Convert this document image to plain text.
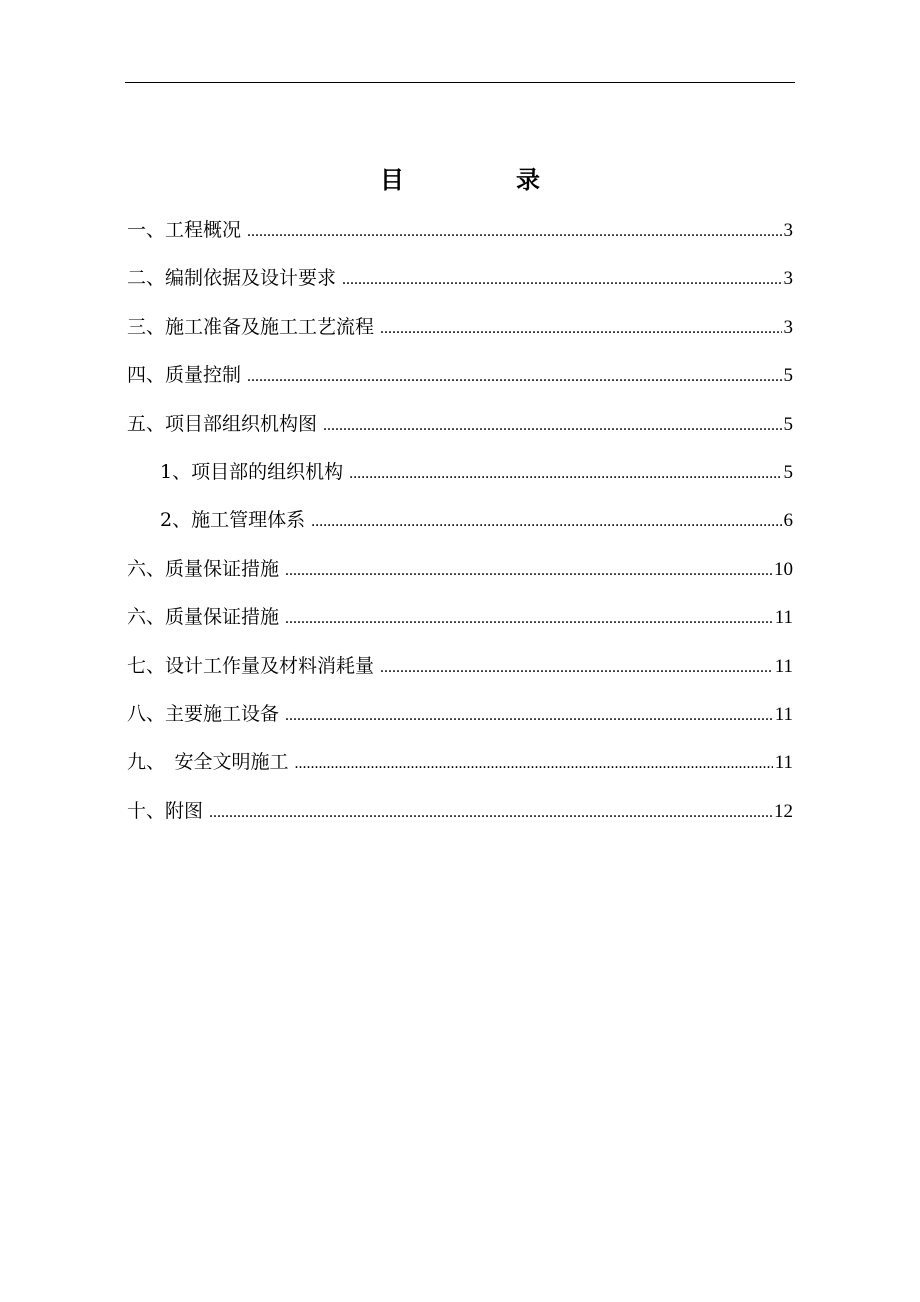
目　录
一、工程概况 .....	3
二、编制依据及设计要求 .....	3
三、施工准备及施工工艺流程 .....	3
四、质量控制 .....	5
五、项目部组织机构图 .....	5
1、项目部的组织机构 .....	5
2、施工管理体系 .....	6
六、质量保证措施 .....	10
六、质量保证措施 .....	11
七、设计工作量及材料消耗量 .....	11
八、主要施工设备 .....	11
九、　安全文明施工 .....	11
十、附图 .....	12
